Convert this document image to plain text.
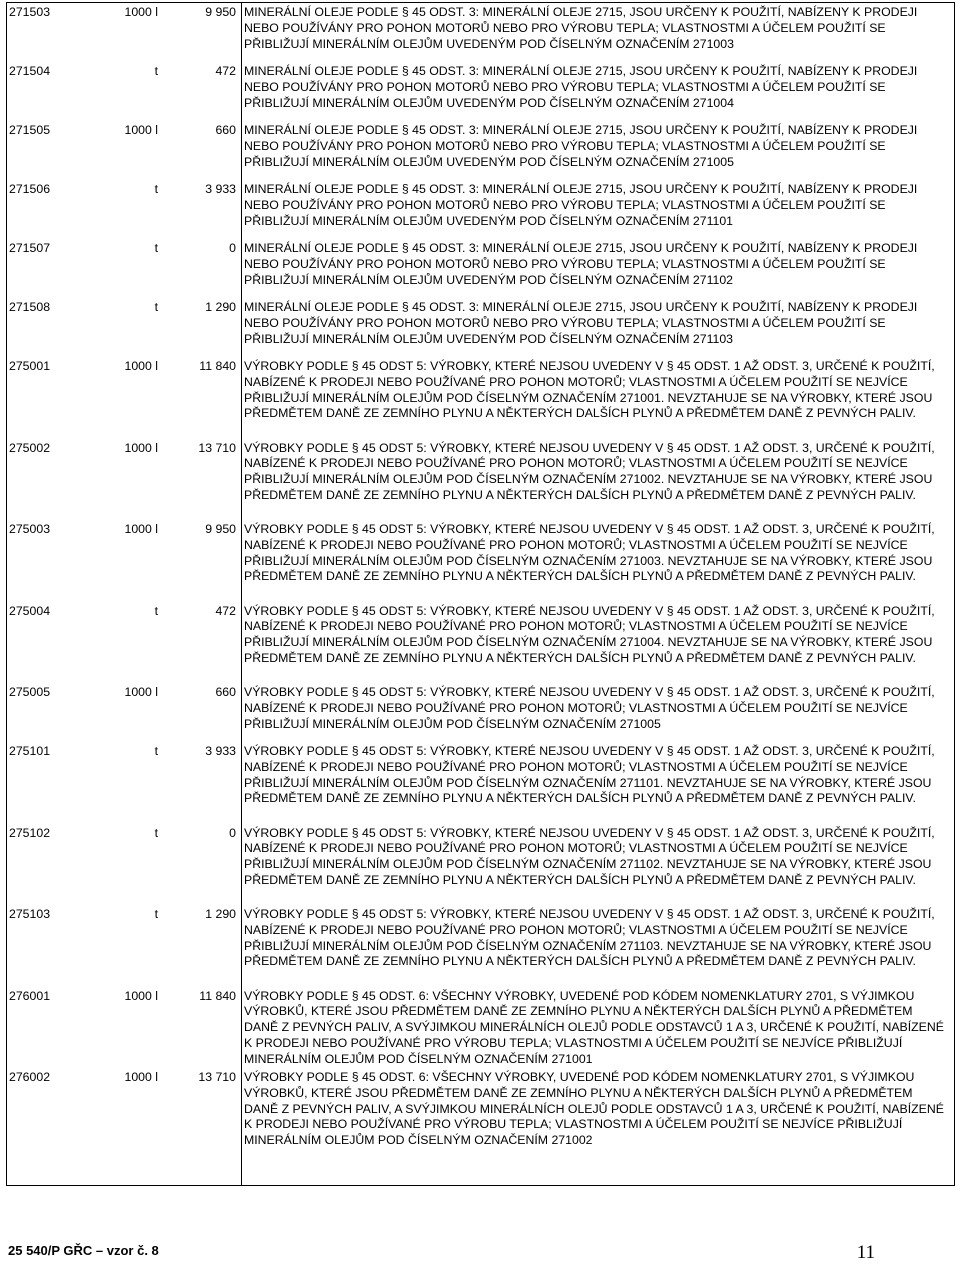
271503	1000 l	9 950 MINERÁLNÍ OLEJE PODLE § 45 ODST. 3: MINERÁLNÍ OLEJE 2715, JSOU URČENY K POUŽITÍ, NABÍZENY K PRODEJI NEBO POUŽÍVÁNY PRO POHON MOTORŮ NEBO PRO VÝROBU TEPLA; VLASTNOSTMI A ÚČELEM POUŽITÍ SE PŘIBLIŽUJÍ MINERÁLNÍM OLEJŮM UVEDENÝM POD ČÍSELNÝM OZNAČENÍM 271003
271504	t	472 MINERÁLNÍ OLEJE PODLE § 45 ODST. 3: MINERÁLNÍ OLEJE 2715, JSOU URČENY K POUŽITÍ, NABÍZENY K PRODEJI NEBO POUŽÍVÁNY PRO POHON MOTORŮ NEBO PRO VÝROBU TEPLA; VLASTNOSTMI A ÚČELEM POUŽITÍ SE PŘIBLIŽUJÍ MINERÁLNÍM OLEJŮM UVEDENÝM POD ČÍSELNÝM OZNAČENÍM 271004
271505	1000 l	660 MINERÁLNÍ OLEJE PODLE § 45 ODST. 3: MINERÁLNÍ OLEJE 2715, JSOU URČENY K POUŽITÍ, NABÍZENY K PRODEJI NEBO POUŽÍVÁNY PRO POHON MOTORŮ NEBO PRO VÝROBU TEPLA; VLASTNOSTMI A ÚČELEM POUŽITÍ SE PŘIBLIŽUJÍ MINERÁLNÍM OLEJŮM UVEDENÝM POD ČÍSELNÝM OZNAČENÍM 271005
271506	t	3 933 MINERÁLNÍ OLEJE PODLE § 45 ODST. 3: MINERÁLNÍ OLEJE 2715, JSOU URČENY K POUŽITÍ, NABÍZENY K PRODEJI NEBO POUŽÍVÁNY PRO POHON MOTORŮ NEBO PRO VÝROBU TEPLA; VLASTNOSTMI A ÚČELEM POUŽITÍ SE PŘIBLIŽUJÍ MINERÁLNÍM OLEJŮM UVEDENÝM POD ČÍSELNÝM OZNAČENÍM 271101
271507	t	0 MINERÁLNÍ OLEJE PODLE § 45 ODST. 3: MINERÁLNÍ OLEJE 2715, JSOU URČENY K POUŽITÍ, NABÍZENY K PRODEJI NEBO POUŽÍVÁNY PRO POHON MOTORŮ NEBO PRO VÝROBU TEPLA; VLASTNOSTMI A ÚČELEM POUŽITÍ SE PŘIBLIŽUJÍ MINERÁLNÍM OLEJŮM UVEDENÝM POD ČÍSELNÝM OZNAČENÍM 271102
271508	t	1 290 MINERÁLNÍ OLEJE PODLE § 45 ODST. 3: MINERÁLNÍ OLEJE 2715, JSOU URČENY K POUŽITÍ, NABÍZENY K PRODEJI NEBO POUŽÍVÁNY PRO POHON MOTORŮ NEBO PRO VÝROBU TEPLA; VLASTNOSTMI A ÚČELEM POUŽITÍ SE PŘIBLIŽUJÍ MINERÁLNÍM OLEJŮM UVEDENÝM POD ČÍSELNÝM OZNAČENÍM 271103
275001	1000 l	11 840 VÝROBKY PODLE § 45 ODST 5: VÝROBKY, KTERÉ NEJSOU UVEDENY V § 45 ODST. 1 AŽ ODST. 3, URČENÉ K POUŽITÍ, NABÍZENÉ K PRODEJI NEBO POUŽÍVANÉ PRO POHON MOTORŮ; VLASTNOSTMI A ÚČELEM POUŽITÍ SE NEJVÍCE PŘIBLIŽUJÍ MINERÁLNÍM OLEJŮM POD ČÍSELNÝM OZNAČENÍM 271001. NEVZTAHUJE SE NA VÝROBKY, KTERÉ JSOU PŘEDMĚTEM DANĚ ZE ZEMNÍHO PLYNU A NĚKTERÝCH DALŠÍCH PLYNŮ A PŘEDMĚTEM DANĚ Z PEVNÝCH PALIV.
275002	1000 l	13 710 VÝROBKY PODLE § 45 ODST 5: VÝROBKY, KTERÉ NEJSOU UVEDENY V § 45 ODST. 1 AŽ ODST. 3, URČENÉ K POUŽITÍ, NABÍZENÉ K PRODEJI NEBO POUŽÍVANÉ PRO POHON MOTORŮ; VLASTNOSTMI A ÚČELEM POUŽITÍ SE NEJVÍCE PŘIBLIŽUJÍ MINERÁLNÍM OLEJŮM POD ČÍSELNÝM OZNAČENÍM 271002. NEVZTAHUJE SE NA VÝROBKY, KTERÉ JSOU PŘEDMĚTEM DANĚ ZE ZEMNÍHO PLYNU A NĚKTERÝCH DALŠÍCH PLYNŮ A PŘEDMĚTEM DANĚ Z PEVNÝCH PALIV.
275003	1000 l	9 950 VÝROBKY PODLE § 45 ODST 5: VÝROBKY, KTERÉ NEJSOU UVEDENY V § 45 ODST. 1 AŽ ODST. 3, URČENÉ K POUŽITÍ, NABÍZENÉ K PRODEJI NEBO POUŽÍVANÉ PRO POHON MOTORŮ; VLASTNOSTMI A ÚČELEM POUŽITÍ SE NEJVÍCE PŘIBLIŽUJÍ MINERÁLNÍM OLEJŮM POD ČÍSELNÝM OZNAČENÍM 271003. NEVZTAHUJE SE NA VÝROBKY, KTERÉ JSOU PŘEDMĚTEM DANĚ ZE ZEMNÍHO PLYNU A NĚKTERÝCH DALŠÍCH PLYNŮ A PŘEDMĚTEM DANĚ Z PEVNÝCH PALIV.
275004	t	472 VÝROBKY PODLE § 45 ODST 5: VÝROBKY, KTERÉ NEJSOU UVEDENY V § 45 ODST. 1 AŽ ODST. 3, URČENÉ K POUŽITÍ, NABÍZENÉ K PRODEJI NEBO POUŽÍVANÉ PRO POHON MOTORŮ; VLASTNOSTMI A ÚČELEM POUŽITÍ SE NEJVÍCE PŘIBLIŽUJÍ MINERÁLNÍM OLEJŮM POD ČÍSELNÝM OZNAČENÍM 271004. NEVZTAHUJE SE NA VÝROBKY, KTERÉ JSOU PŘEDMĚTEM DANĚ ZE ZEMNÍHO PLYNU A NĚKTERÝCH DALŠÍCH PLYNŮ A PŘEDMĚTEM DANĚ Z PEVNÝCH PALIV.
275005	1000 l	660 VÝROBKY PODLE § 45 ODST 5: VÝROBKY, KTERÉ NEJSOU UVEDENY V § 45 ODST. 1 AŽ ODST. 3, URČENÉ K POUŽITÍ, NABÍZENÉ K PRODEJI NEBO POUŽÍVANÉ PRO POHON MOTORŮ; VLASTNOSTMI A ÚČELEM POUŽITÍ SE NEJVÍCE PŘIBLIŽUJÍ MINERÁLNÍM OLEJŮM POD ČÍSELNÝM OZNAČENÍM 271005
275101	t	3 933 VÝROBKY PODLE § 45 ODST 5: VÝROBKY, KTERÉ NEJSOU UVEDENY V § 45 ODST. 1 AŽ ODST. 3, URČENÉ K POUŽITÍ, NABÍZENÉ K PRODEJI NEBO POUŽÍVANÉ PRO POHON MOTORŮ; VLASTNOSTMI A ÚČELEM POUŽITÍ SE NEJVÍCE PŘIBLIŽUJÍ MINERÁLNÍM OLEJŮM POD ČÍSELNÝM OZNAČENÍM 271101. NEVZTAHUJE SE NA VÝROBKY, KTERÉ JSOU PŘEDMĚTEM DANĚ ZE ZEMNÍHO PLYNU A NĚKTERÝCH DALŠÍCH PLYNŮ A PŘEDMĚTEM DANĚ Z PEVNÝCH PALIV.
275102	t	0 VÝROBKY PODLE § 45 ODST 5: VÝROBKY, KTERÉ NEJSOU UVEDENY V § 45 ODST. 1 AŽ ODST. 3, URČENÉ K POUŽITÍ, NABÍZENÉ K PRODEJI NEBO POUŽÍVANÉ PRO POHON MOTORŮ; VLASTNOSTMI A ÚČELEM POUŽITÍ SE NEJVÍCE PŘIBLIŽUJÍ MINERÁLNÍM OLEJŮM POD ČÍSELNÝM OZNAČENÍM 271102. NEVZTAHUJE SE NA VÝROBKY, KTERÉ JSOU PŘEDMĚTEM DANĚ ZE ZEMNÍHO PLYNU A NĚKTERÝCH DALŠÍCH PLYNŮ A PŘEDMĚTEM DANĚ Z PEVNÝCH PALIV.
275103	t	1 290 VÝROBKY PODLE § 45 ODST 5: VÝROBKY, KTERÉ NEJSOU UVEDENY V § 45 ODST. 1 AŽ ODST. 3, URČENÉ K POUŽITÍ, NABÍZENÉ K PRODEJI NEBO POUŽÍVANÉ PRO POHON MOTORŮ; VLASTNOSTMI A ÚČELEM POUŽITÍ SE NEJVÍCE PŘIBLIŽUJÍ MINERÁLNÍM OLEJŮM POD ČÍSELNÝM OZNAČENÍM 271103. NEVZTAHUJE SE NA VÝROBKY, KTERÉ JSOU PŘEDMĚTEM DANĚ ZE ZEMNÍHO PLYNU A NĚKTERÝCH DALŠÍCH PLYNŮ A PŘEDMĚTEM DANĚ Z PEVNÝCH PALIV.
276001	1000 l	11 840 VÝROBKY PODLE § 45 ODST. 6: VŠECHNY VÝROBKY, UVEDENÉ POD KÓDEM NOMENKLATURY 2701, S VÝJIMKOU VÝROBKŮ, KTERÉ JSOU PŘEDMĚTEM DANĚ ZE ZEMNÍHO PLYNU A NĚKTERÝCH DALŠÍCH PLYNŮ A PŘEDMĚTEM DANĚ Z PEVNÝCH PALIV, A SVÝJIMKOU MINERÁLNÍCH OLEJŮ PODLE ODSTAVCŮ 1 A 3, URČENÉ K POUŽITÍ, NABÍZENÉ K PRODEJI NEBO POUŽÍVANÉ PRO VÝROBU TEPLA; VLASTNOSTMI A ÚČELEM POUŽITÍ SE NEJVÍCE PŘIBLIŽUJÍ MINERÁLNÍM OLEJŮM POD ČÍSELNÝM OZNAČENÍM 271001
276002	1000 l	13 710 VÝROBKY PODLE § 45 ODST. 6: VŠECHNY VÝROBKY, UVEDENÉ POD KÓDEM NOMENKLATURY 2701, S VÝJIMKOU VÝROBKŮ, KTERÉ JSOU PŘEDMĚTEM DANĚ ZE ZEMNÍHO PLYNU A NĚKTERÝCH DALŠÍCH PLYNŮ A PŘEDMĚTEM DANĚ Z PEVNÝCH PALIV, A SVÝJIMKOU MINERÁLNÍCH OLEJŮ PODLE ODSTAVCŮ 1 A 3, URČENÉ K POUŽITÍ, NABÍZENÉ K PRODEJI NEBO POUŽÍVANÉ PRO VÝROBU TEPLA; VLASTNOSTMI A ÚČELEM POUŽITÍ SE NEJVÍCE PŘIBLIŽUJÍ MINERÁLNÍM OLEJŮM POD ČÍSELNÝM OZNAČENÍM 271002
25 540/P GŘC – vzor č. 8	11
